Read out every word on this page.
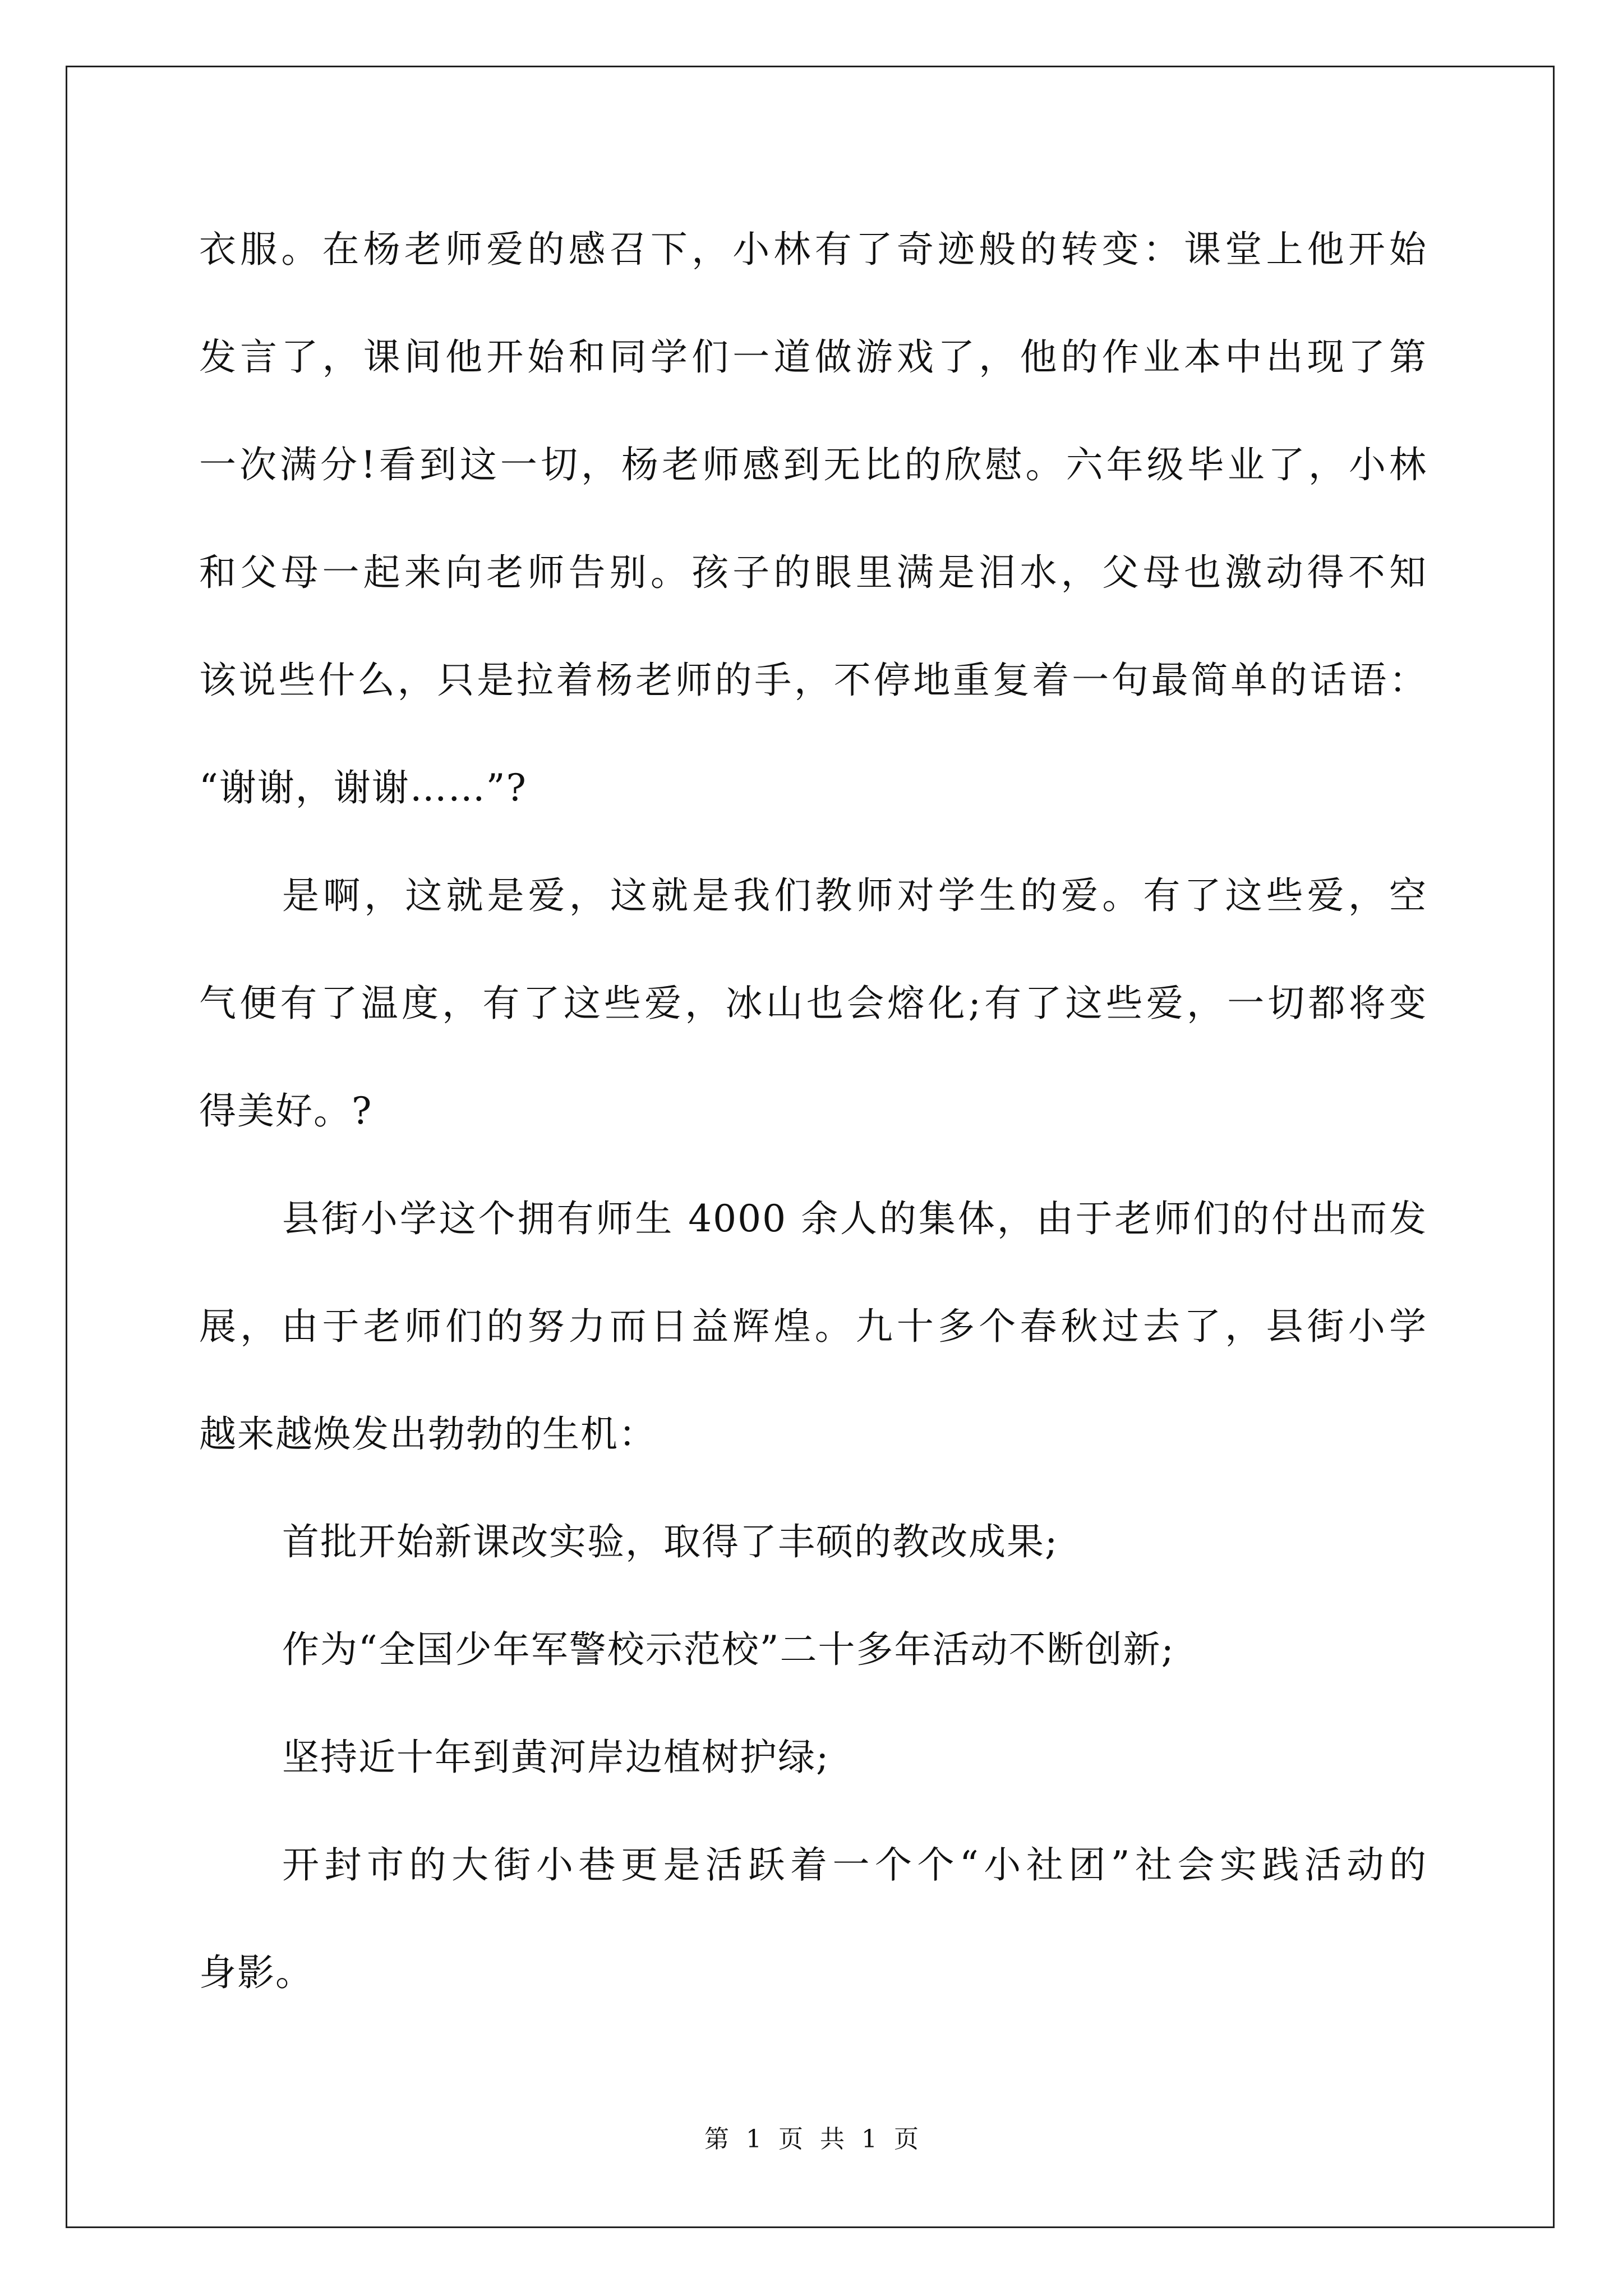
衣服。在杨老师爱的感召下，小林有了奇迹般的转变：课堂上他开始
发言了，课间他开始和同学们一道做游戏了，他的作业本中出现了第
一次满分!看到这一切，杨老师感到无比的欣慰。六年级毕业了，小林
和父母一起来向老师告别。孩子的眼里满是泪水，父母也激动得不知
该说些什么，只是拉着杨老师的手，不停地重复着一句最简单的话语：
“谢谢，谢谢……”?
是啊，这就是爱，这就是我们教师对学生的爱。有了这些爱，空
气便有了温度，有了这些爱，冰山也会熔化;有了这些爱，一切都将变
得美好。?
县街小学这个拥有师生 4000 余人的集体，由于老师们的付出而发
展，由于老师们的努力而日益辉煌。九十多个春秋过去了，县街小学
越来越焕发出勃勃的生机：
首批开始新课改实验，取得了丰硕的教改成果;
作为“全国少年军警校示范校”二十多年活动不断创新;
坚持近十年到黄河岸边植树护绿;
开封市的大街小巷更是活跃着一个个“小社团”社会实践活动的
身影。
第 1 页 共 1 页
